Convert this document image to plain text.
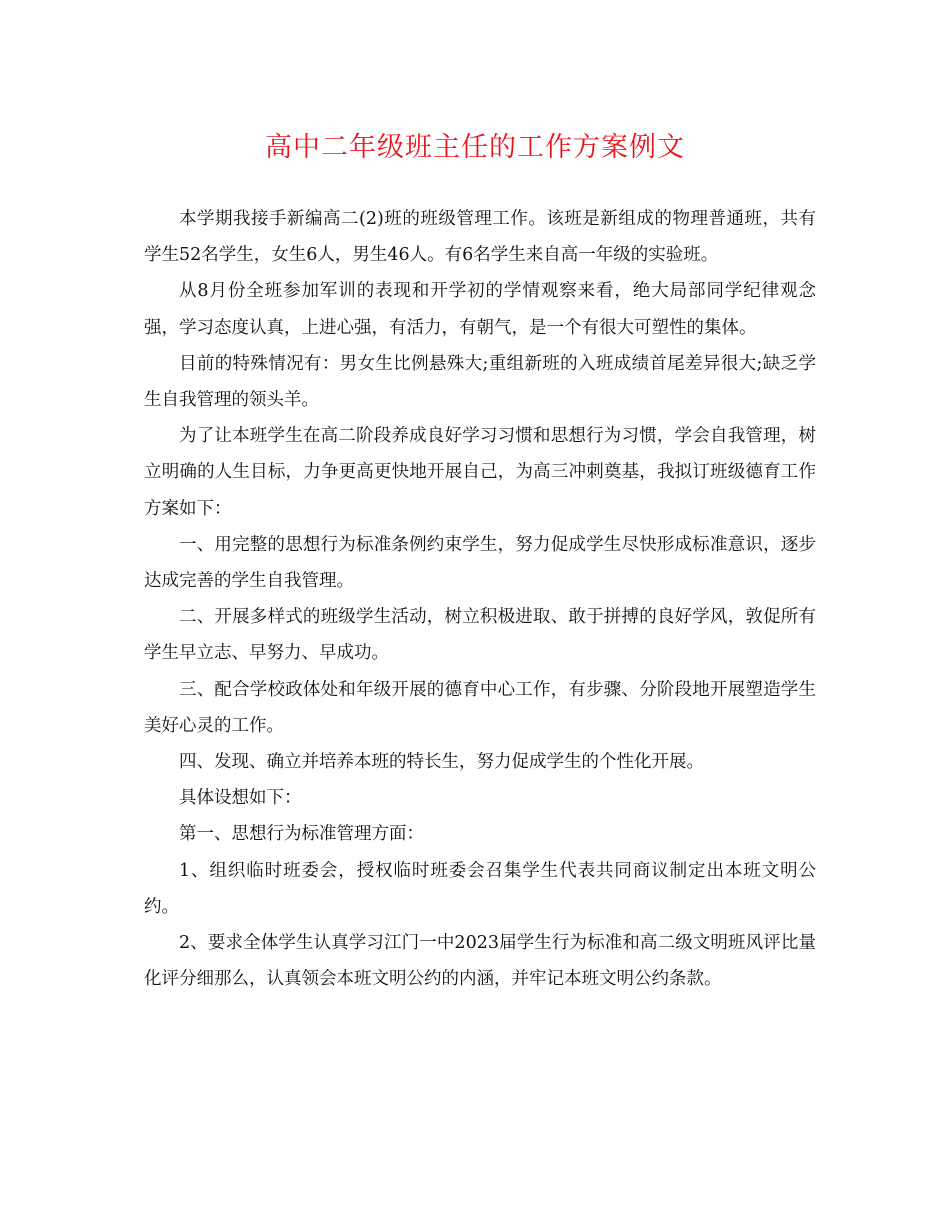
高中二年级班主任的工作方案例文

本学期我接手新编高二(2)班的班级管理工作。该班是新组成的物理普通班，共有学生52名学生，女生6人，男生46人。有6名学生来自高一年级的实验班。

从8月份全班参加军训的表现和开学初的学情观察来看，绝大局部同学纪律观念强，学习态度认真，上进心强，有活力，有朝气，是一个有很大可塑性的集体。

目前的特殊情况有：男女生比例悬殊大;重组新班的入班成绩首尾差异很大;缺乏学生自我管理的领头羊。

为了让本班学生在高二阶段养成良好学习习惯和思想行为习惯，学会自我管理，树立明确的人生目标，力争更高更快地开展自己，为高三冲刺奠基，我拟订班级德育工作方案如下：

一、用完整的思想行为标准条例约束学生，努力促成学生尽快形成标准意识，逐步达成完善的学生自我管理。

二、开展多样式的班级学生活动，树立积极进取、敢于拼搏的良好学风，敦促所有学生早立志、早努力、早成功。

三、配合学校政体处和年级开展的德育中心工作，有步骤、分阶段地开展塑造学生美好心灵的工作。

四、发现、确立并培养本班的特长生，努力促成学生的个性化开展。

具体设想如下：

第一、思想行为标准管理方面：

1、组织临时班委会，授权临时班委会召集学生代表共同商议制定出本班文明公约。

2、要求全体学生认真学习江门一中2023届学生行为标准和高二级文明班风评比量化评分细那么，认真领会本班文明公约的内涵，并牢记本班文明公约条款。
